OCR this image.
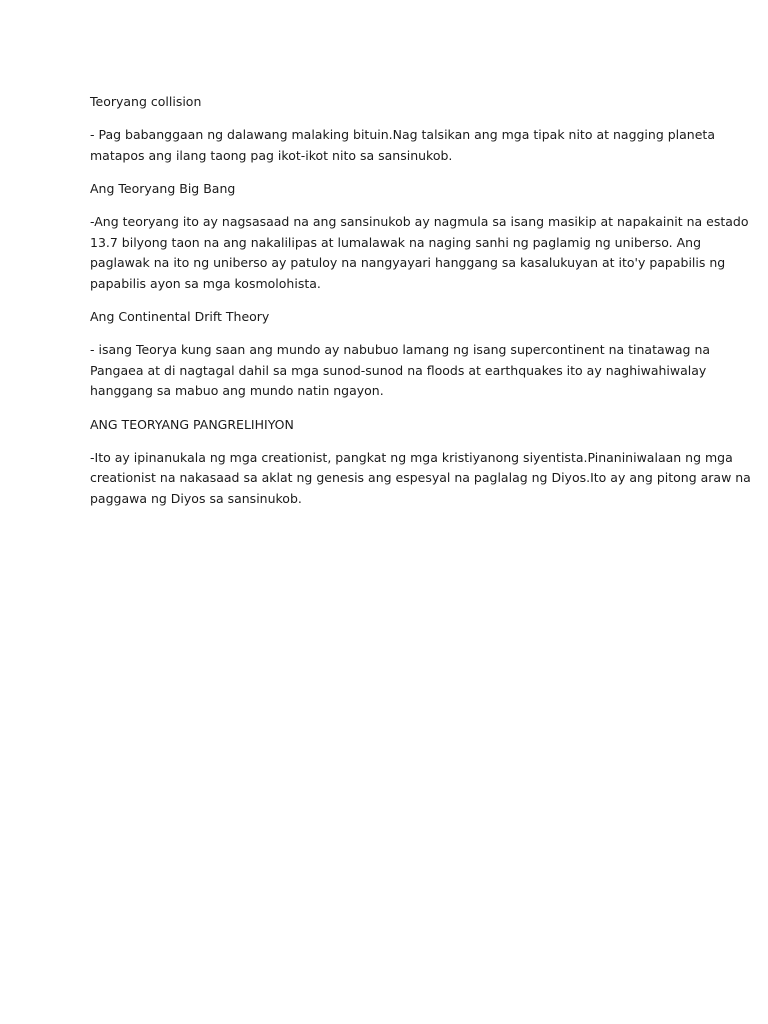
Teoryang collision
- Pag babanggaan ng dalawang malaking bituin.Nag talsikan ang mga tipak nito at nagging planeta
matapos ang ilang taong pag ikot-ikot nito sa sansinukob.
Ang Teoryang Big Bang
-Ang teoryang ito ay nagsasaad na ang sansinukob ay nagmula sa isang masikip at napakainit na estado
13.7 bilyong taon na ang nakalilipas at lumalawak na naging sanhi ng paglamig ng uniberso. Ang
paglawak na ito ng uniberso ay patuloy na nangyayari hanggang sa kasalukuyan at ito'y papabilis ng
papabilis ayon sa mga kosmolohista.
Ang Continental Drift Theory
- isang Teorya kung saan ang mundo ay nabubuo lamang ng isang supercontinent na tinatawag na
Pangaea at di nagtagal dahil sa mga sunod-sunod na floods at earthquakes ito ay naghiwahiwalay
hanggang sa mabuo ang mundo natin ngayon.
ANG TEORYANG PANGRELIHIYON
-Ito ay ipinanukala ng mga creationist, pangkat ng mga kristiyanong siyentista.Pinaniniwalaan ng mga
creationist na nakasaad sa aklat ng genesis ang espesyal na paglalag ng Diyos.Ito ay ang pitong araw na
paggawa ng Diyos sa sansinukob.
